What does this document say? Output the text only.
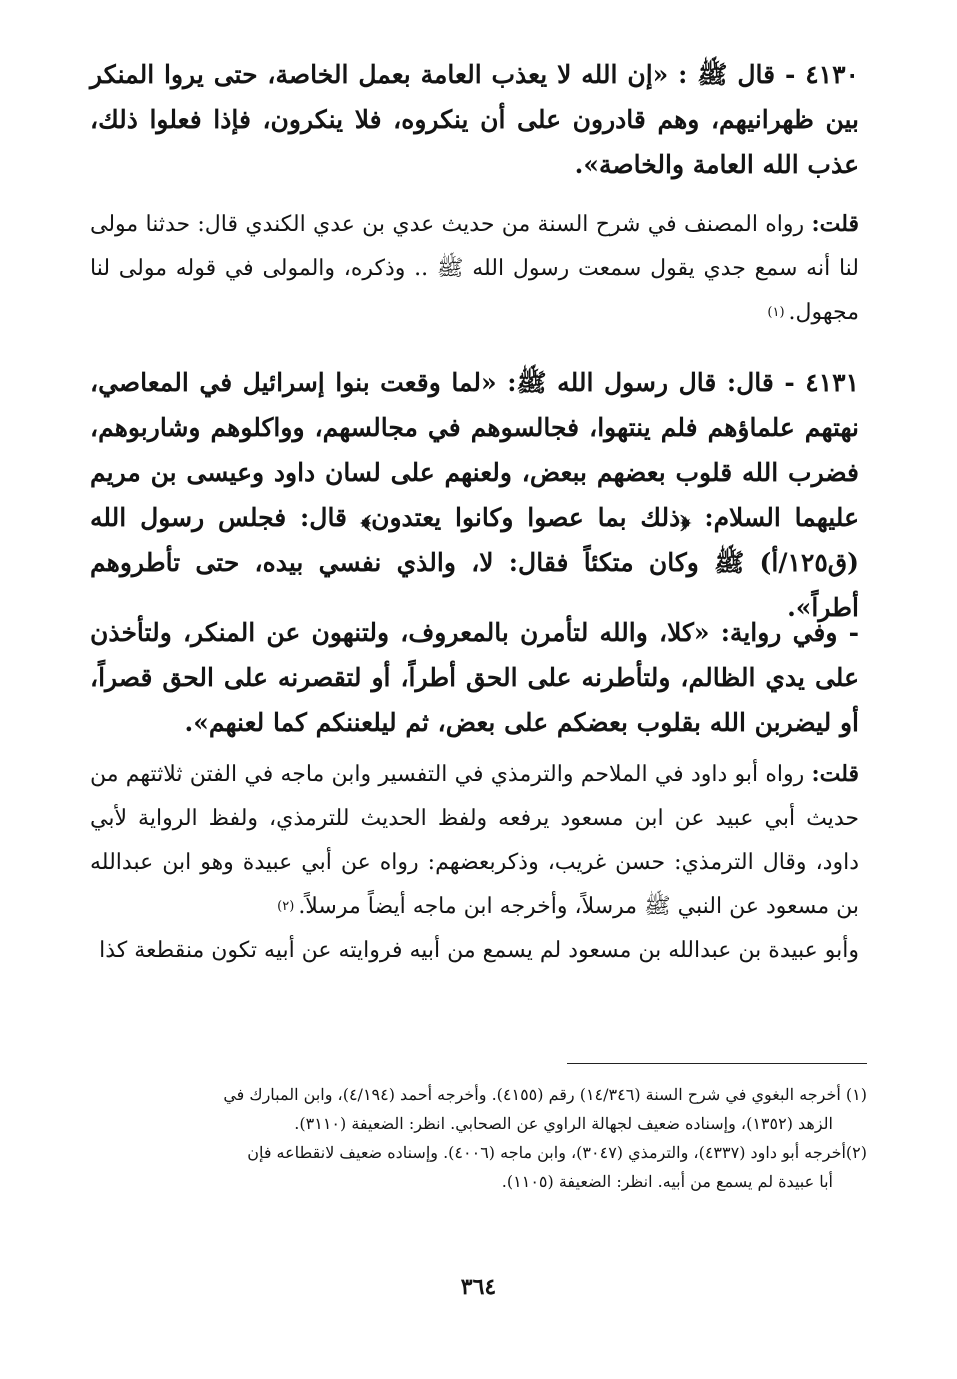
٤١٣٠ - قال ﷺ : «إن الله لا يعذب العامة بعمل الخاصة، حتى يروا المنكر بين ظهرانيهم، وهم قادرون على أن ينكروه، فلا ينكرون، فإذا فعلوا ذلك، عذب الله العامة والخاصة».

قلت: رواه المصنف في شرح السنة من حديث عدي بن عدي الكندي قال: حدثنا مولى لنا أنه سمع جدي يقول سمعت رسول الله ﷺ .. وذكره، والمولى في قوله مولى لنا مجهول.$^{(١)}$

٤١٣١ - قال: قال رسول الله ﷺ: «لما وقعت بنوا إسرائيل في المعاصي، نهتهم علماؤهم فلم ينتهوا، فجالسوهم في مجالسهم، وواكلوهم وشاربوهم، فضرب الله قلوب بعضهم ببعض، ولعنهم على لسان داود وعيسى بن مريم عليهما السلام: ﴿ذلك بما عصوا وكانوا يعتدون﴾ قال: فجلس رسول الله (ق١٢٥/أ) ﷺ وكان متكئاً فقال: لا، والذي نفسي بيده، حتى تأطروهم أطراً».

- وفي رواية: «كلا، والله لتأمرن بالمعروف، ولتنهون عن المنكر، ولتأخذن على يدي الظالم، ولتأطرنه على الحق أطراً، أو لتقصرنه على الحق قصراً، أو ليضربن الله بقلوب بعضكم على بعض، ثم ليلعننكم كما لعنهم».

قلت: رواه أبو داود في الملاحم والترمذي في التفسير وابن ماجه في الفتن ثلاثتهم من حديث أبي عبيد عن ابن مسعود يرفعه ولفظ الحديث للترمذي، ولفظ الرواية لأبي داود، وقال الترمذي: حسن غريب، وذكربعضهم: رواه عن أبي عبيدة وهو ابن عبدالله بن مسعود عن النبي ﷺ مرسلاً، وأخرجه ابن ماجه أيضاً مرسلاً.$^{(٢)}$
وأبو عبيدة بن عبدالله بن مسعود لم يسمع من أبيه فروايته عن أبيه تكون منقطعة كذا

(١) أخرجه البغوي في شرح السنة (١٤/٣٤٦) رقم (٤١٥٥). وأخرجه أحمد (٤/١٩٤)، وابن المبارك في

الزهد (١٣٥٢)، وإسناده ضعيف لجهالة الراوي عن الصحابي. انظر: الضعيفة (٣١١٠).

(٢)أخرجه أبو داود (٤٣٣٧)، والترمذي (٣٠٤٧)، وابن ماجه (٤٠٠٦). وإسناده ضعيف لانقطاعه فإن

أبا عبيدة لم يسمع من أبيه. انظر: الضعيفة (١١٠٥).

٣٦٤
